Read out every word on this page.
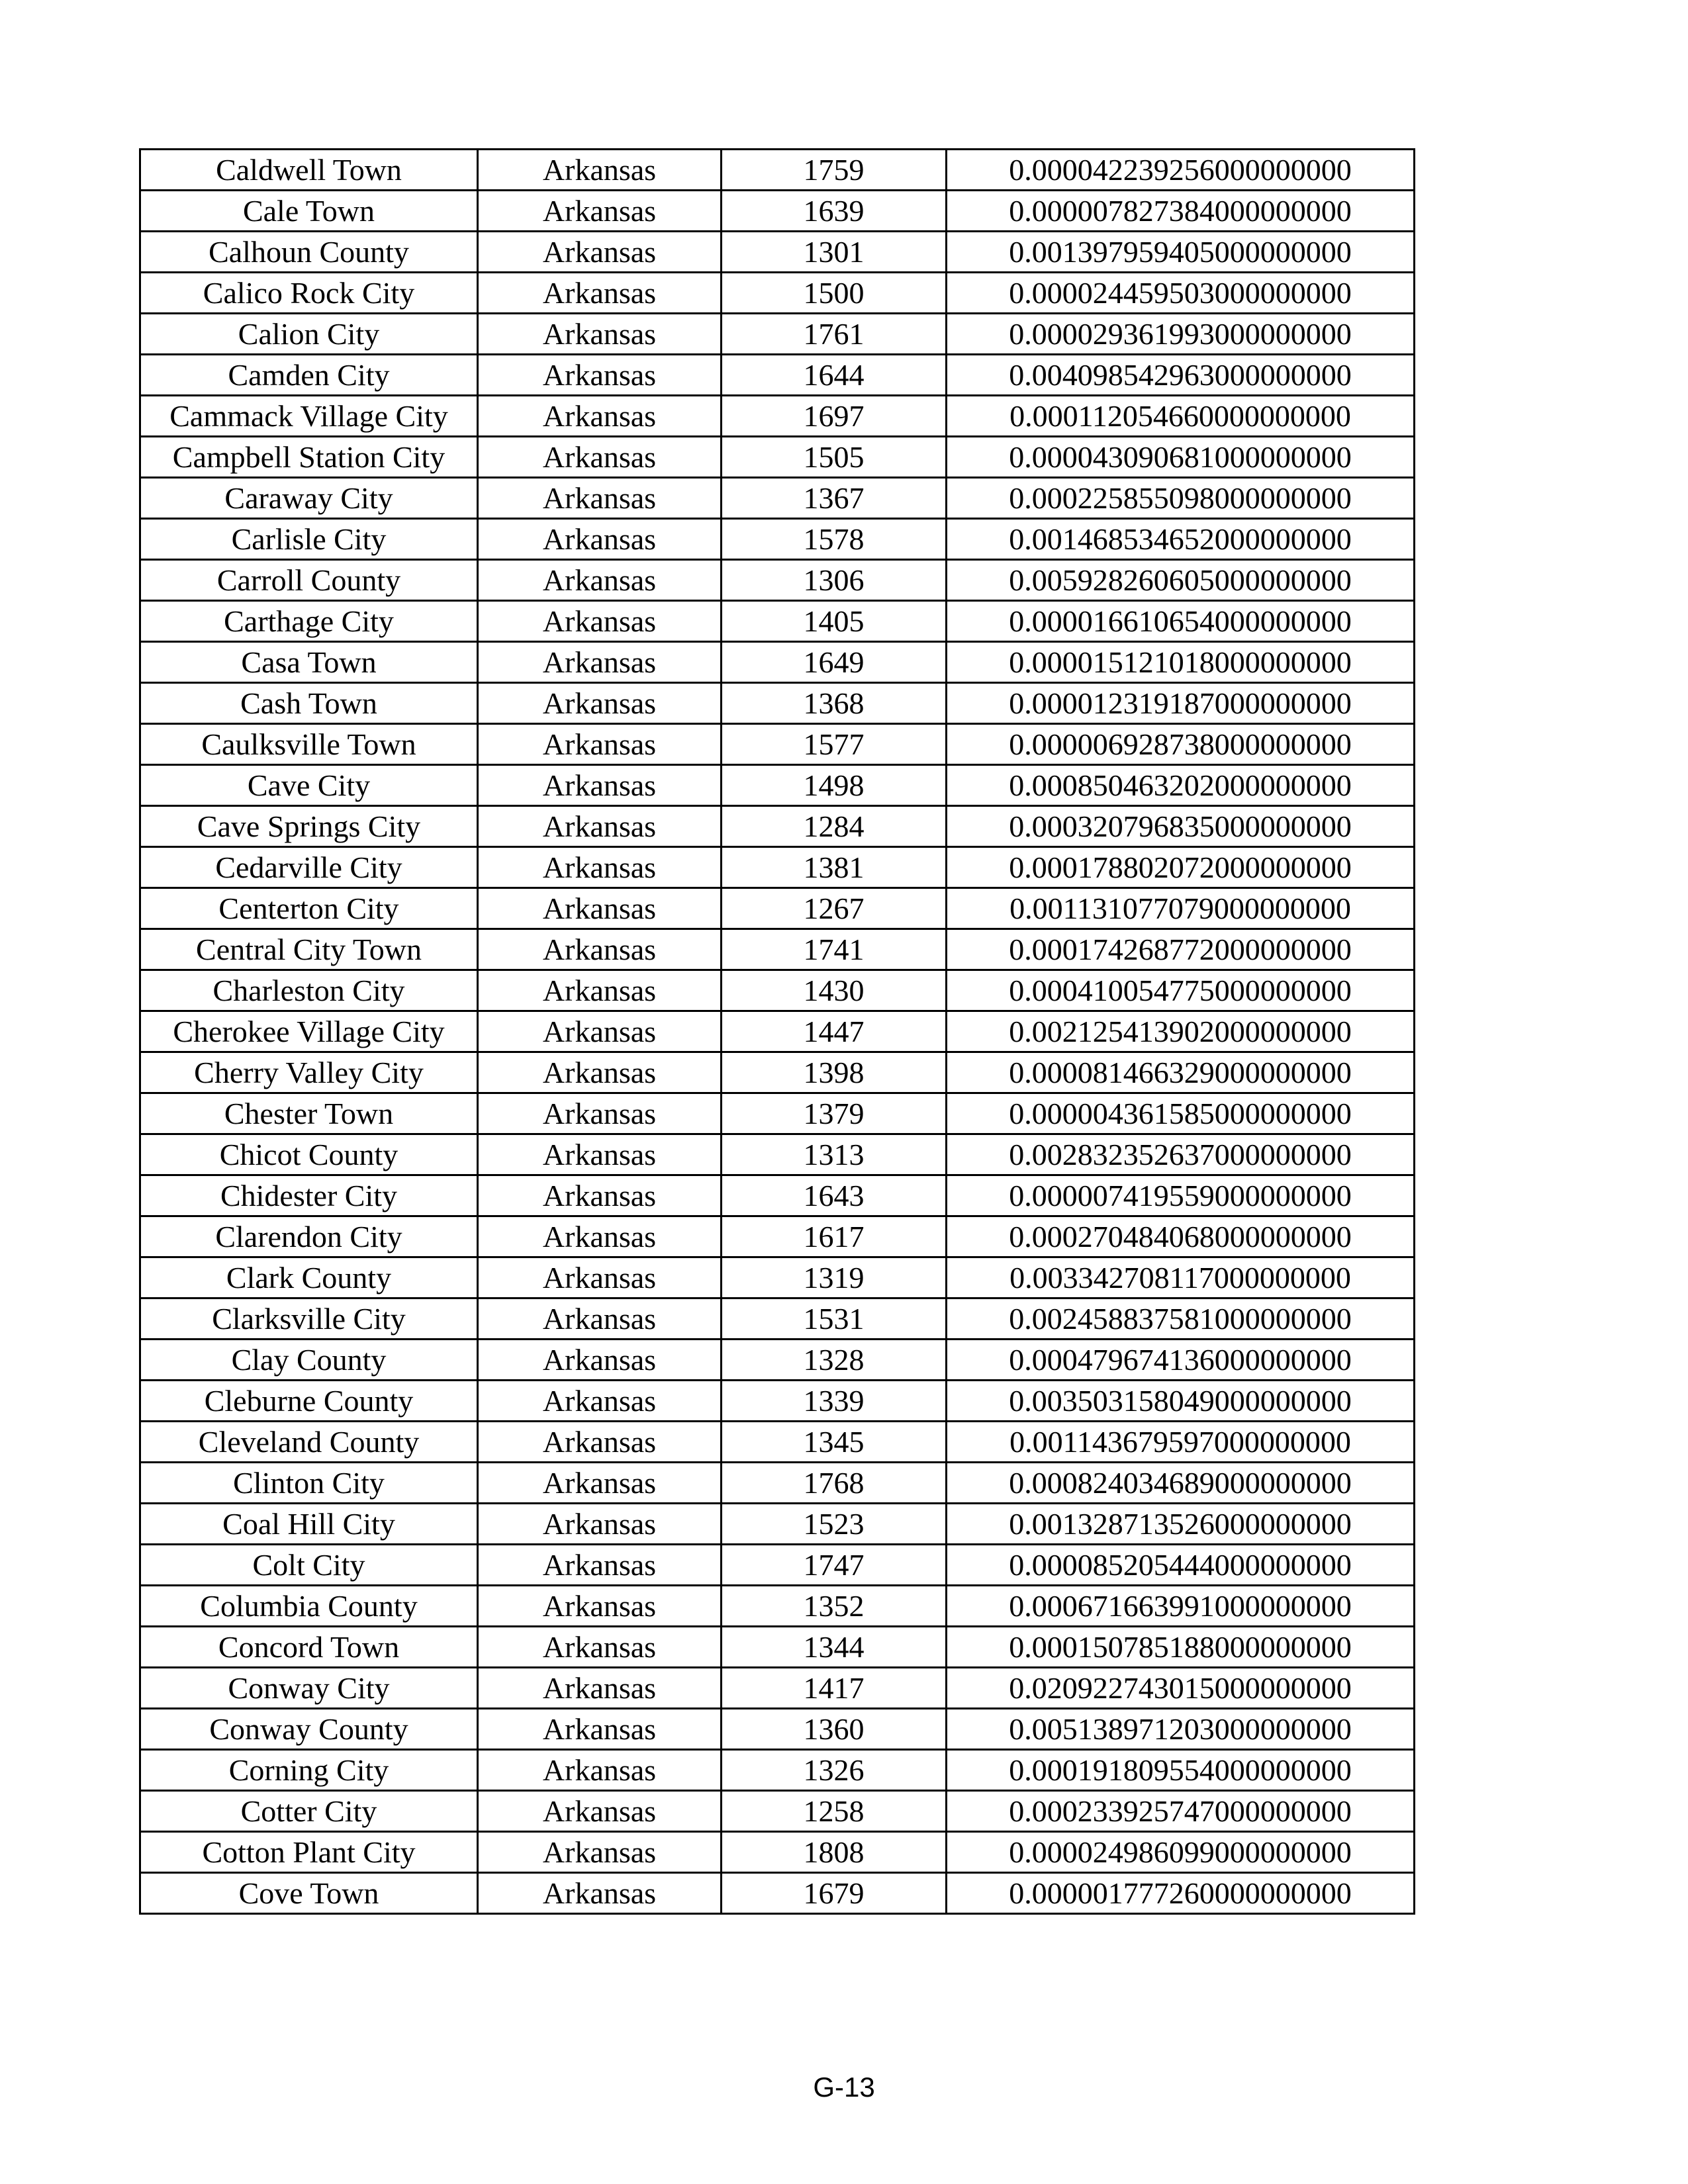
Caldwell Town	Arkansas	1759	0.000042239256000000000
Cale Town	Arkansas	1639	0.000007827384000000000
Calhoun County	Arkansas	1301	0.001397959405000000000
Calico Rock City	Arkansas	1500	0.000024459503000000000
Calion City	Arkansas	1761	0.000029361993000000000
Camden City	Arkansas	1644	0.004098542963000000000
Cammack Village City	Arkansas	1697	0.000112054660000000000
Campbell Station City	Arkansas	1505	0.000043090681000000000
Caraway City	Arkansas	1367	0.000225855098000000000
Carlisle City	Arkansas	1578	0.001468534652000000000
Carroll County	Arkansas	1306	0.005928260605000000000
Carthage City	Arkansas	1405	0.000016610654000000000
Casa Town	Arkansas	1649	0.000015121018000000000
Cash Town	Arkansas	1368	0.000012319187000000000
Caulksville Town	Arkansas	1577	0.000006928738000000000
Cave City	Arkansas	1498	0.000850463202000000000
Cave Springs City	Arkansas	1284	0.000320796835000000000
Cedarville City	Arkansas	1381	0.000178802072000000000
Centerton City	Arkansas	1267	0.001131077079000000000
Central City Town	Arkansas	1741	0.000174268772000000000
Charleston City	Arkansas	1430	0.000410054775000000000
Cherokee Village City	Arkansas	1447	0.002125413902000000000
Cherry Valley City	Arkansas	1398	0.000081466329000000000
Chester Town	Arkansas	1379	0.000004361585000000000
Chicot County	Arkansas	1313	0.002832352637000000000
Chidester City	Arkansas	1643	0.000007419559000000000
Clarendon City	Arkansas	1617	0.000270484068000000000
Clark County	Arkansas	1319	0.003342708117000000000
Clarksville City	Arkansas	1531	0.002458837581000000000
Clay County	Arkansas	1328	0.000479674136000000000
Cleburne County	Arkansas	1339	0.003503158049000000000
Cleveland County	Arkansas	1345	0.001143679597000000000
Clinton City	Arkansas	1768	0.000824034689000000000
Coal Hill City	Arkansas	1523	0.001328713526000000000
Colt City	Arkansas	1747	0.000085205444000000000
Columbia County	Arkansas	1352	0.000671663991000000000
Concord Town	Arkansas	1344	0.000150785188000000000
Conway City	Arkansas	1417	0.020922743015000000000
Conway County	Arkansas	1360	0.005138971203000000000
Corning City	Arkansas	1326	0.000191809554000000000
Cotter City	Arkansas	1258	0.000233925747000000000
Cotton Plant City	Arkansas	1808	0.000024986099000000000
Cove Town	Arkansas	1679	0.000001777260000000000
G-13
